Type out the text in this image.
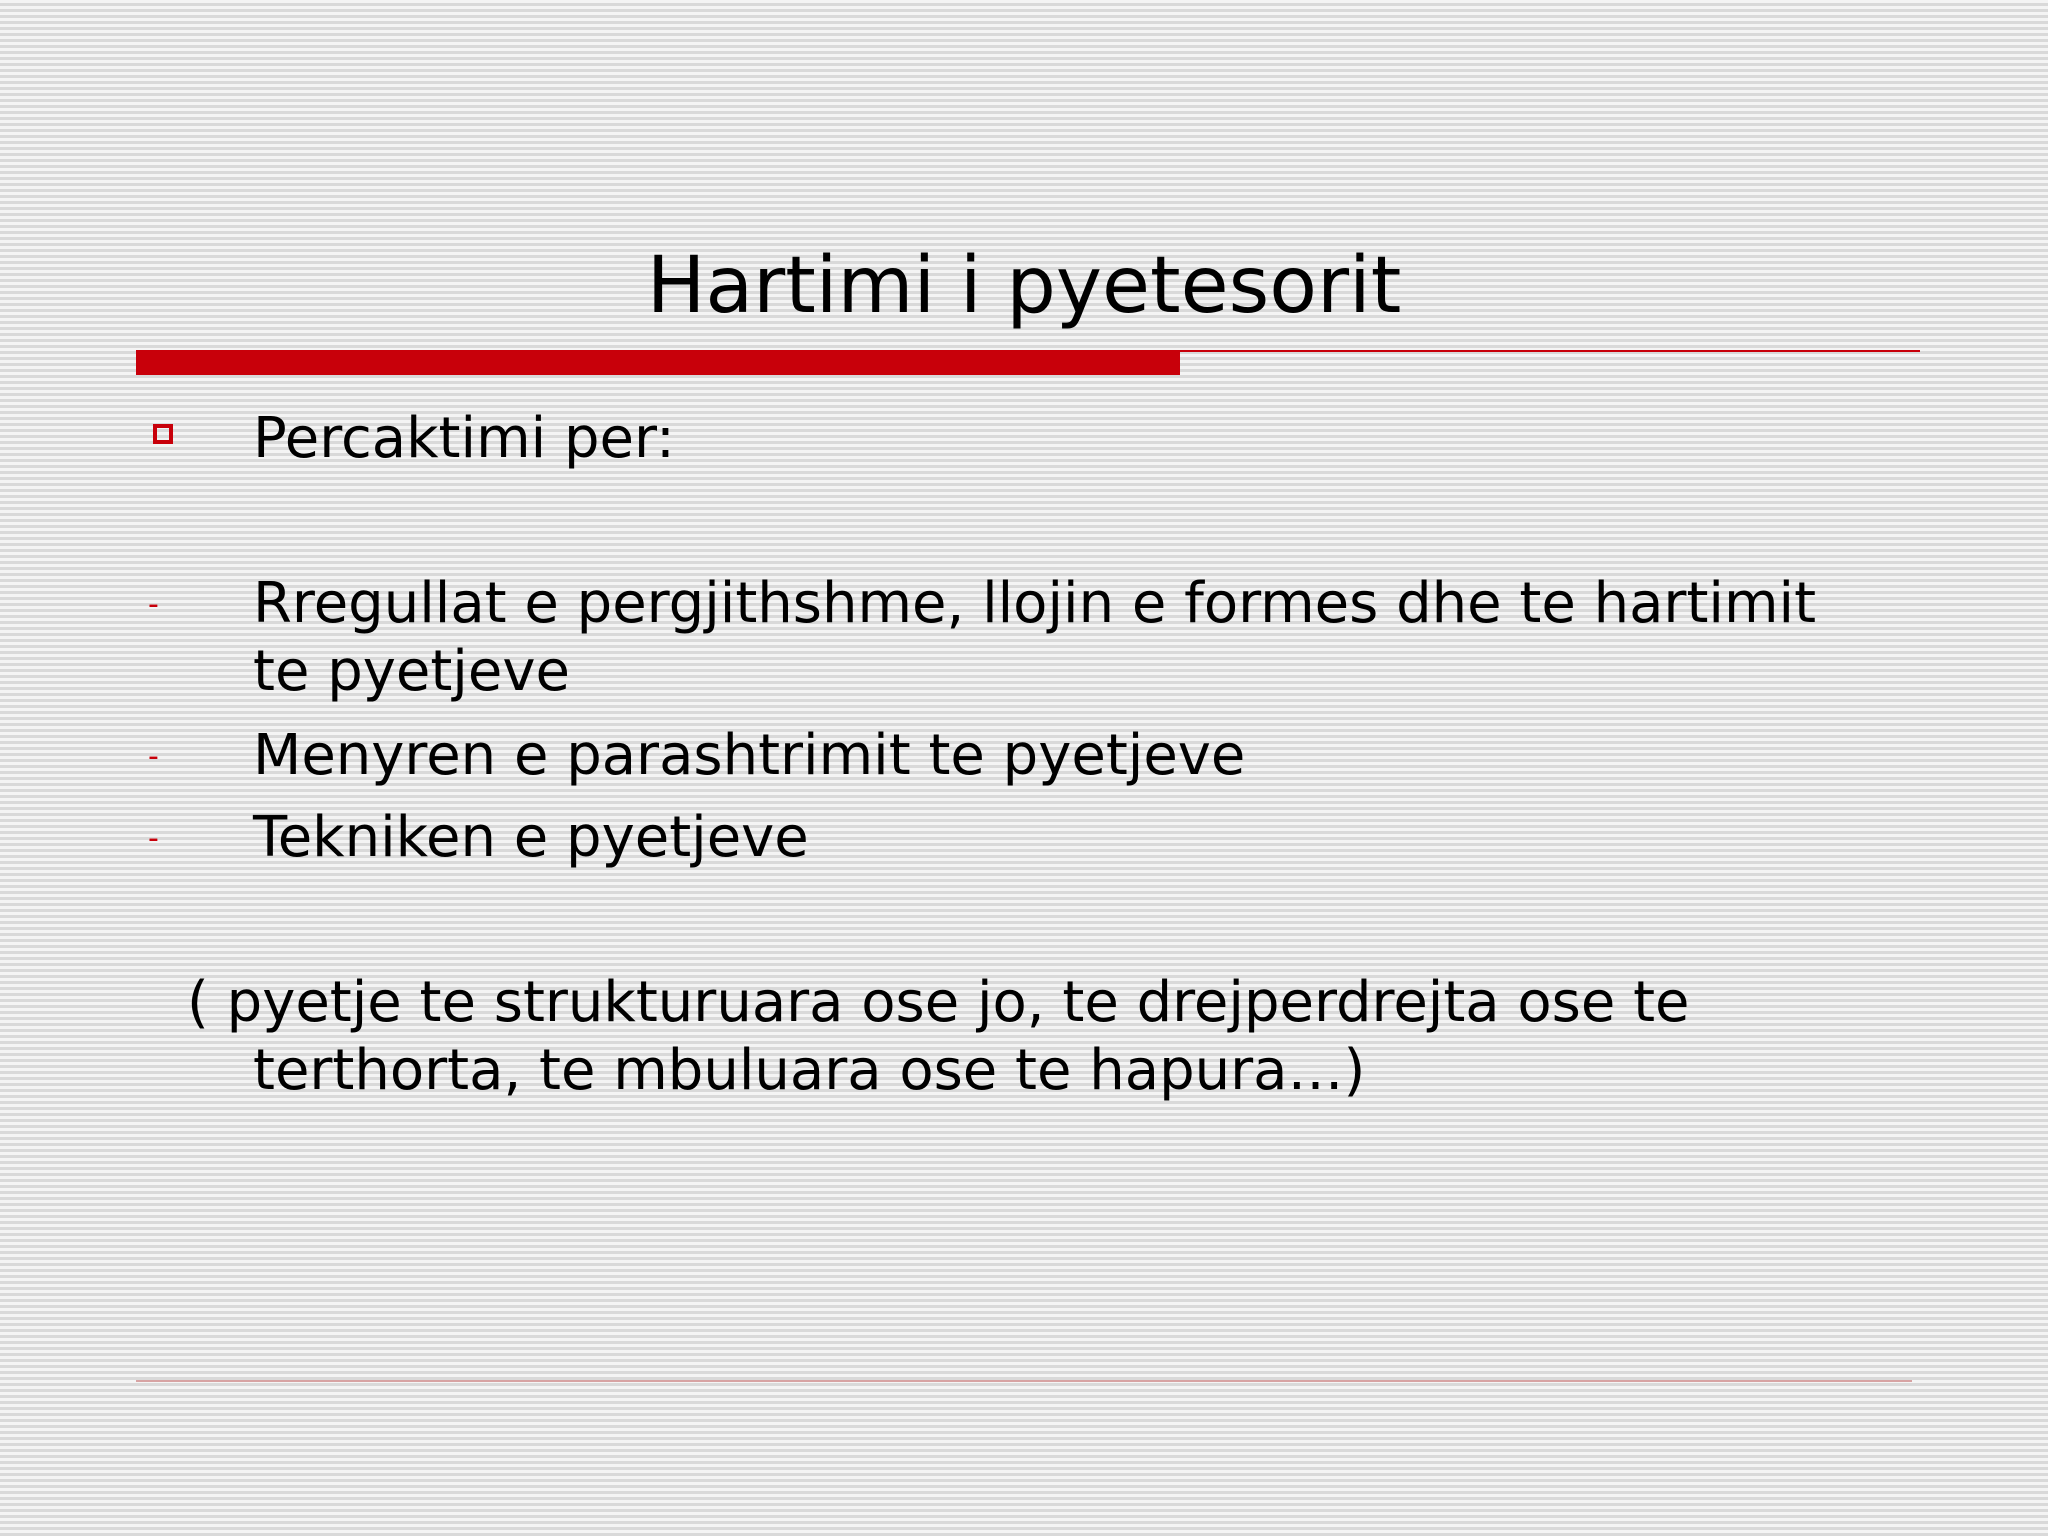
Hartimi i pyetesorit
Percaktimi per:
- Rregullat e pergjithshme, llojin e formes dhe te hartimit
te pyetjeve
- Menyren e parashtrimit te pyetjeve
- Tekniken e pyetjeve
( pyetje te strukturuara ose jo, te drejperdrejta ose te
terthorta, te mbuluara ose te hapura…)
